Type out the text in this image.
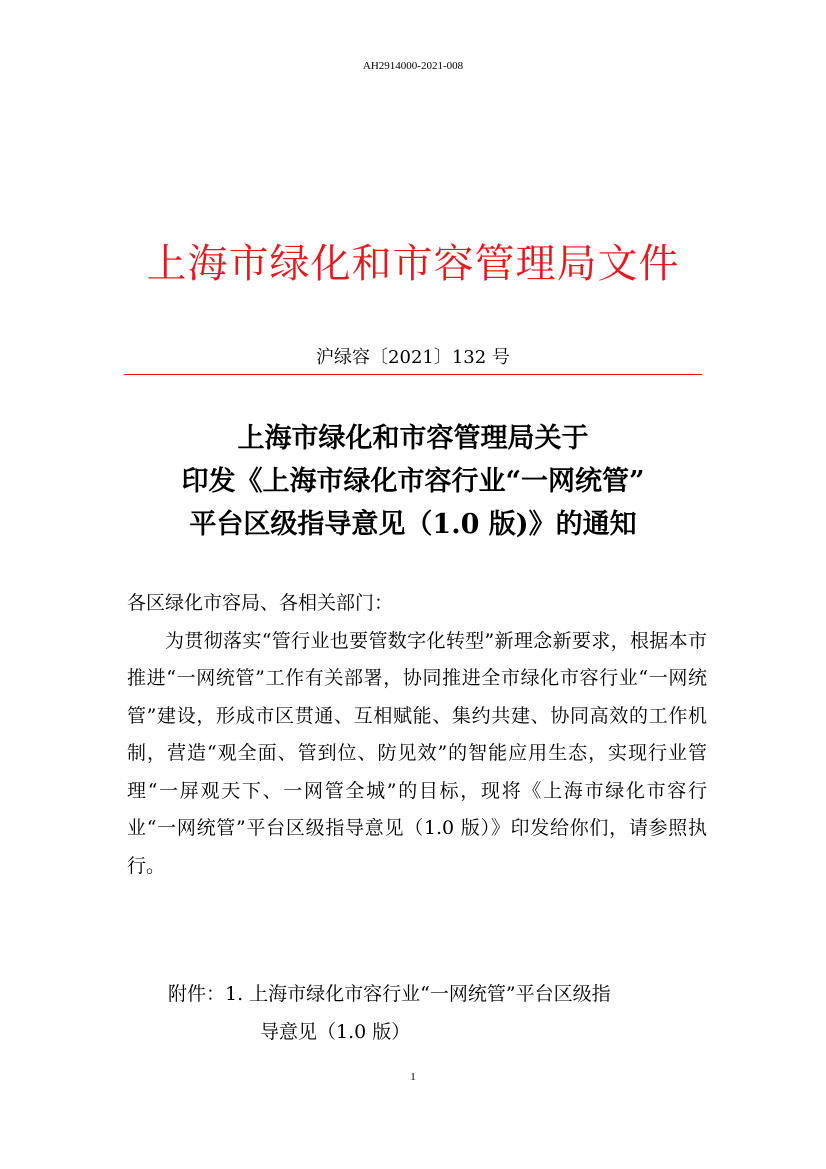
AH2914000-2021-008
上海市绿化和市容管理局文件
沪绿容〔2021〕132 号
上海市绿化和市容管理局关于
印发《上海市绿化市容行业“一网统管”
平台区级指导意见（1.0 版)》的通知

各区绿化市容局、各相关部门：

为贯彻落实“管行业也要管数字化转型”新理念新要求，根据本市推进“一网统管”工作有关部署，协同推进全市绿化市容行业“一网统管”建设，形成市区贯通、互相赋能、集约共建、协同高效的工作机制，营造“观全面、管到位、防见效”的智能应用生态，实现行业管理“一屏观天下、一网管全城”的目标，现将《上海市绿化市容行业“一网统管”平台区级指导意见（1.0 版）》印发给你们，请参照执行。

附件：1. 上海市绿化市容行业“一网统管”平台区级指
导意见（1.0 版）
1
